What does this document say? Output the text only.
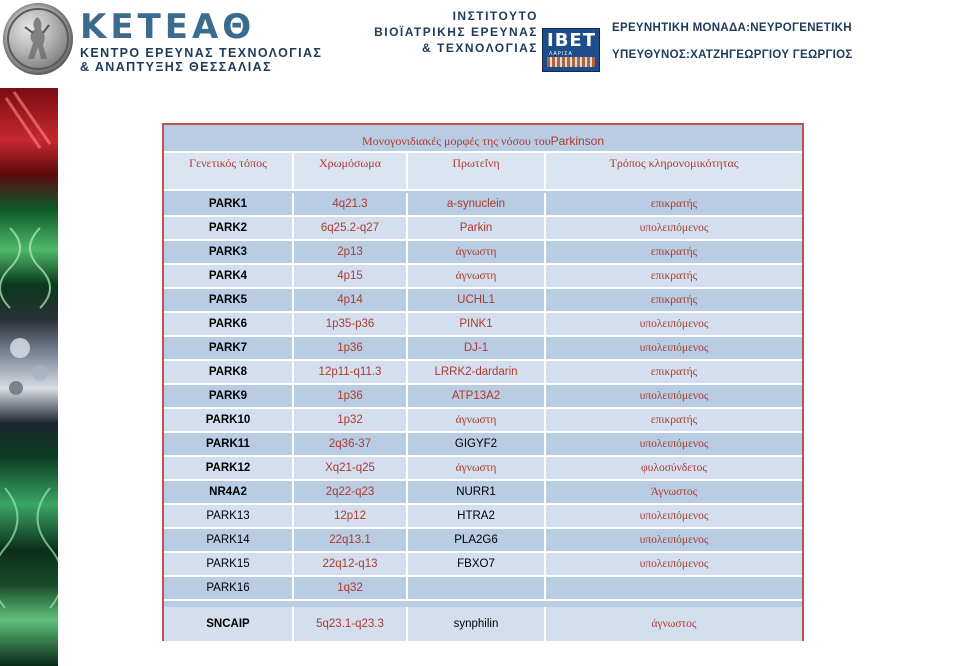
ΚΕΤΕΑΘ
ΚΕΝΤΡΟ ΕΡΕΥΝΑΣ ΤΕΧΝΟΛΟΓΙΑΣ
& ΑΝΑΠΤΥΞΗΣ ΘΕΣΣΑΛΙΑΣ
ΙΝΣΤΙΤΟΥΤΟ
ΒΙΟΪΑΤΡΙΚΗΣ ΕΡΕΥΝΑΣ
& ΤΕΧΝΟΛΟΓΙΑΣ IBET
ΛΑΡΙΣΑ
ΕΡΕΥΝΗΤΙΚΗ ΜΟΝΑΔΑ:ΝΕΥΡΟΓΕΝΕΤΙΚΗ
ΥΠΕΥΘΥΝΟΣ:ΧΑΤΖΗΓΕΩΡΓΙΟΥ ΓΕΩΡΓΙΟΣ
Μονογονιδιακές μορφές της νόσου του Parkinson
Γενετικός τόπος	Χρωμόσωμα	Πρωτεΐνη	Τρόπος κληρονομικότητας
PARK1	4q21.3	a-synuclein	επικρατής
PARK2	6q25.2-q27	Parkin	υπολειπόμενος
PARK3	2p13	άγνωστη	επικρατής
PARK4	4p15	άγνωστη	επικρατής
PARK5	4p14	UCHL1	επικρατής
PARK6	1p35-p36	PINK1	υπολειπόμενος
PARK7	1p36	DJ-1	υπολειπόμενος
PARK8	12p11-q11.3	LRRK2-dardarin	επικρατής
PARK9	1p36	ATP13A2	υπολειπόμενος
PARK10	1p32	άγνωστη	επικρατής
PARK11	2q36-37	GIGYF2	υπολειπόμενος
PARK12	Xq21-q25	άγνωστη	φυλοσύνδετος
NR4A2	2q22-q23	NURR1	Άγνωστος
PARK13	12p12	HTRA2	υπολειπόμενος
PARK14	22q13.1	PLA2G6	υπολειπόμενος
PARK15	22q12-q13	FBXO7	υπολειπόμενος
PARK16	1q32
SNCAIP	5q23.1-q23.3	synphilin	άγνωστος
